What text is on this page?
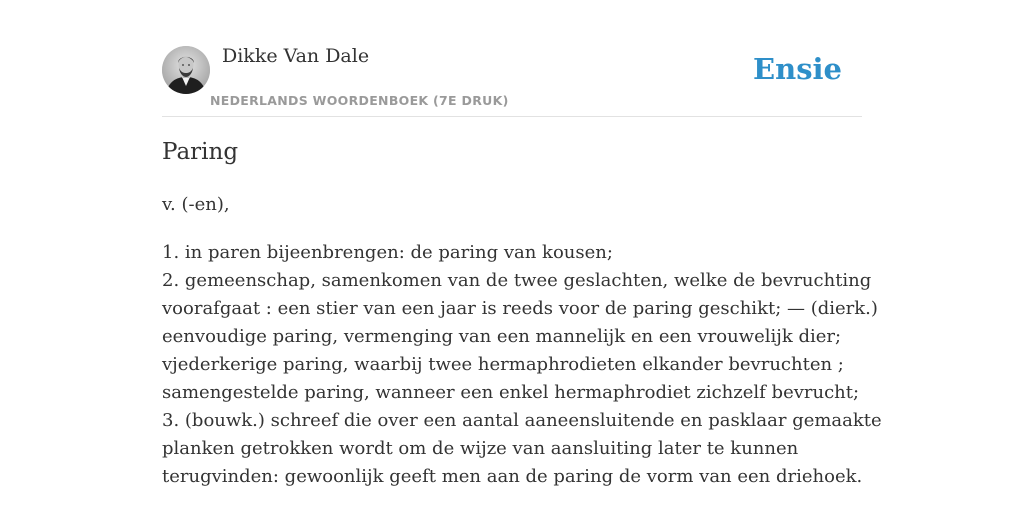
Dikke Van Dale
NEDERLANDS WOORDENBOEK (7E DRUK)
Ensie
Paring

v. (-en),

1. in paren bijeenbrengen: de paring van kousen;
2. gemeenschap, samenkomen van de twee geslachten, welke de bevruchting
voorafgaat : een stier van een jaar is reeds voor de paring geschikt; — (dierk.)
eenvoudige paring, vermenging van een mannelijk en een vrouwelijk dier;
vjederkerige paring, waarbij twee hermaphrodieten elkander bevruchten ;
samengestelde paring, wanneer een enkel hermaphrodiet zichzelf bevrucht;
3. (bouwk.) schreef die over een aantal aaneensluitende en pasklaar gemaakte
planken getrokken wordt om de wijze van aansluiting later te kunnen
terugvinden: gewoonlijk geeft men aan de paring de vorm van een driehoek.
